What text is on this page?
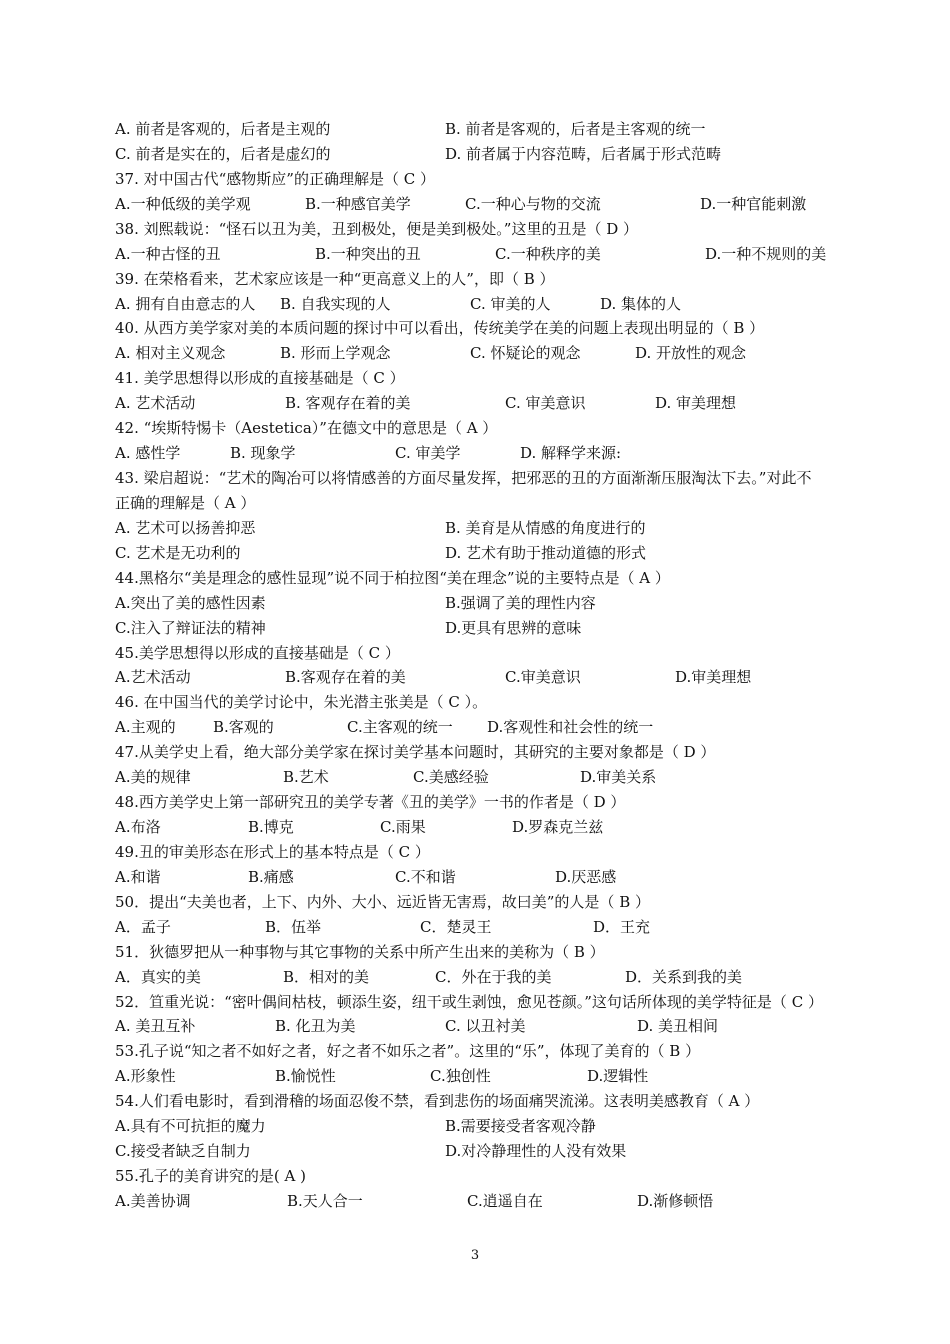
A. 前者是客观的，后者是主观的	B. 前者是客观的，后者是主客观的统一
C. 前者是实在的，后者是虚幻的	D. 前者属于内容范畴，后者属于形式范畴
37. 对中国古代“感物斯应”的正确理解是（ C ）
A.一种低级的美学观	B.一种感官美学	C.一种心与物的交流	D.一种官能刺激
38. 刘熙载说：“怪石以丑为美，丑到极处，便是美到极处。”这里的丑是（ D ）
A.一种古怪的丑	B.一种突出的丑	C.一种秩序的美	D.一种不规则的美
39. 在荣格看来，艺术家应该是一种“更高意义上的人”，即（ B ）
A. 拥有自由意志的人 B. 自我实现的人	C. 审美的人	D. 集体的人
40. 从西方美学家对美的本质问题的探讨中可以看出，传统美学在美的问题上表现出明显的（ B ）
A. 相对主义观念	B. 形而上学观念	C. 怀疑论的观念	D. 开放性的观念
41. 美学思想得以形成的直接基础是（ C ）
A. 艺术活动	B. 客观存在着的美	C. 审美意识	D. 审美理想
42. “埃斯特惕卡（Aestetica）”在德文中的意思是（ A ）
A. 感性学	B. 现象学	C. 审美学	D. 解释学来源:
43. 梁启超说：“艺术的陶冶可以将情感善的方面尽量发挥，把邪恶的丑的方面渐渐压服淘汰下去。”对此不
正确的理解是（ A ）
A. 艺术可以扬善抑恶	B. 美育是从情感的角度进行的
C. 艺术是无功利的	D. 艺术有助于推动道德的形式
44.黑格尔“美是理念的感性显现”说不同于柏拉图“美在理念”说的主要特点是（ A ）
A.突出了美的感性因素	B.强调了美的理性内容
C.注入了辩证法的精神	D.更具有思辨的意味
45.美学思想得以形成的直接基础是（ C ）
A.艺术活动	B.客观存在着的美	C.审美意识	D.审美理想
46. 在中国当代的美学讨论中，朱光潜主张美是（ C ）。
A.主观的 B.客观的	C.主客观的统一 D.客观性和社会性的统一
47.从美学史上看，绝大部分美学家在探讨美学基本问题时，其研究的主要对象都是（ D ）
A.美的规律	B.艺术	C.美感经验	D.审美关系
48.西方美学史上第一部研究丑的美学专著《丑的美学》一书的作者是（ D ）
A.布洛	B.博克	C.雨果	D.罗森克兰兹
49.丑的审美形态在形式上的基本特点是（ C ）
A.和谐	B.痛感	C.不和谐	D.厌恶感
50．提出“夫美也者，上下、内外、大小、远近皆无害焉，故曰美”的人是（ B ）
A．孟子	B．伍举	C．楚灵王	D．王充
51．狄德罗把从一种事物与其它事物的关系中所产生出来的美称为（ B ）
A．真实的美	B．相对的美	C．外在于我的美	D．关系到我的美
52．笪重光说：“密叶偶间枯枝，顿添生姿，纽干或生剥蚀，愈见苍颜。”这句话所体现的美学特征是（ C ）
A. 美丑互补	B. 化丑为美	C. 以丑衬美	D. 美丑相间
53.孔子说“知之者不如好之者，好之者不如乐之者”。这里的“乐”，体现了美育的（ B ）
A.形象性	B.愉悦性	C.独创性	D.逻辑性
54.人们看电影时，看到滑稽的场面忍俊不禁，看到悲伤的场面痛哭流涕。这表明美感教育（ A ）
A.具有不可抗拒的魔力	B.需要接受者客观冷静
C.接受者缺乏自制力	D.对冷静理性的人没有效果
55.孔子的美育讲究的是( A )
A.美善协调	B.天人合一	C.逍遥自在	D.渐修顿悟
3
